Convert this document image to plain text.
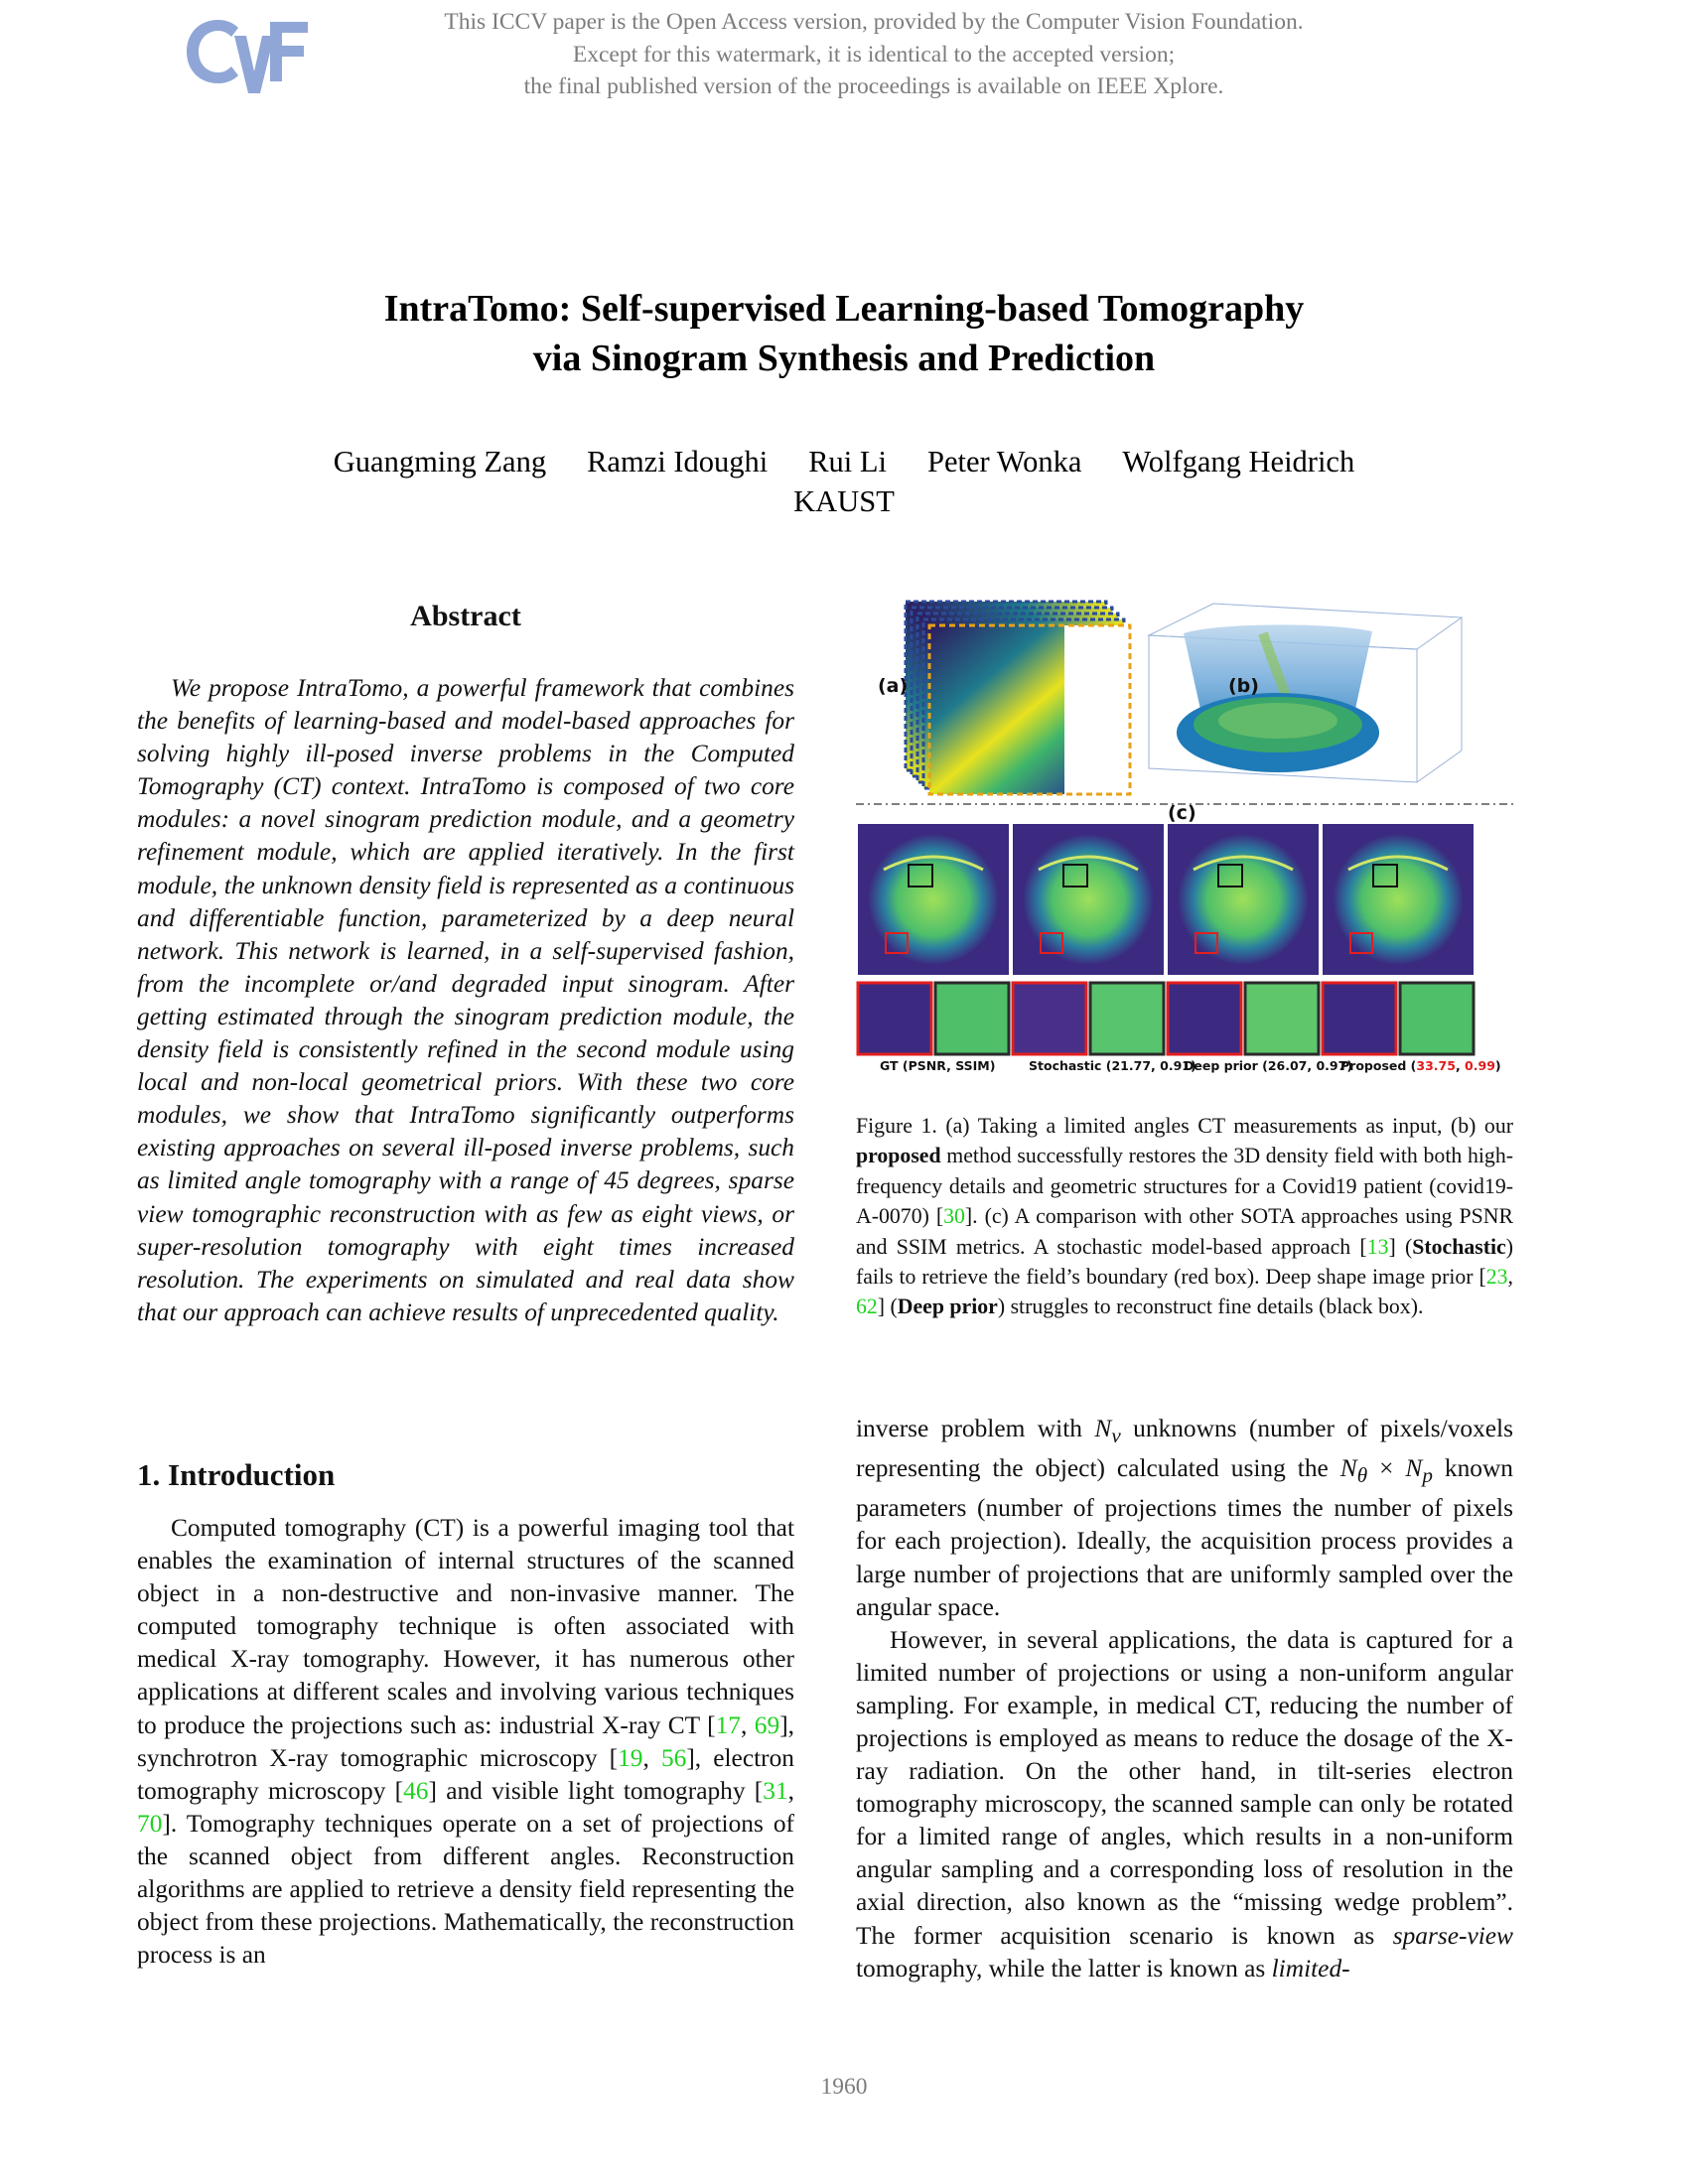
This ICCV paper is the Open Access version, provided by the Computer Vision Foundation.
Except for this watermark, it is identical to the accepted version;
the final published version of the proceedings is available on IEEE Xplore.
IntraTomo: Self-supervised Learning-based Tomography
via Sinogram Synthesis and Prediction
Guangming Zang Ramzi Idoughi Rui Li Peter Wonka Wolfgang Heidrich
KAUST
Abstract
We propose IntraTomo, a powerful framework that combines the benefits of learning-based and model-based approaches for solving highly ill-posed inverse problems in the Computed Tomography (CT) context. IntraTomo is composed of two core modules: a novel sinogram prediction module, and a geometry refinement module, which are applied iteratively. In the first module, the unknown density field is represented as a continuous and differentiable function, parameterized by a deep neural network. This network is learned, in a self-supervised fashion, from the incomplete or/and degraded input sinogram. After getting estimated through the sinogram prediction module, the density field is consistently refined in the second module using local and non-local geometrical priors. With these two core modules, we show that IntraTomo significantly outperforms existing approaches on several ill-posed inverse problems, such as limited angle tomography with a range of 45 degrees, sparse view tomographic reconstruction with as few as eight views, or super-resolution tomography with eight times increased resolution. The experiments on simulated and real data show that our approach can achieve results of unprecedented quality.
1. Introduction
Computed tomography (CT) is a powerful imaging tool that enables the examination of internal structures of the scanned object in a non-destructive and non-invasive manner. The computed tomography technique is often associated with medical X-ray tomography. However, it has numerous other applications at different scales and involving various techniques to produce the projections such as: industrial X-ray CT [17, 69], synchrotron X-ray tomographic microscopy [19, 56], electron tomography microscopy [46] and visible light tomography [31, 70]. Tomography techniques operate on a set of projections of the scanned object from different angles. Reconstruction algorithms are applied to retrieve a density field representing the object from these projections. Mathematically, the reconstruction process is an
(a)	(b)
(c)
GT (PSNR, SSIM)	Stochastic (21.77, 0.91)
Deep prior (26.07, 0.97)
Proposed (33.75, 0.99)
Figure 1. (a) Taking a limited angles CT measurements as input, (b) our proposed method successfully restores the 3D density field with both high-frequency details and geometric structures for a Covid19 patient (covid19-A-0070) [30]. (c) A comparison with other SOTA approaches using PSNR and SSIM metrics. A stochastic model-based approach [13] (Stochastic) fails to retrieve the field’s boundary (red box). Deep shape image prior [23, 62] (Deep prior) struggles to reconstruct fine details (black box).

inverse problem with $N_v$ unknowns (number of pixels/voxels representing the object) calculated using the $N_\theta \times N_p$ known parameters (number of projections times the number of pixels for each projection). Ideally, the acquisition process provides a large number of projections that are uniformly sampled over the angular space.

However, in several applications, the data is captured for a limited number of projections or using a non-uniform angular sampling. For example, in medical CT, reducing the number of projections is employed as means to reduce the dosage of the X-ray radiation. On the other hand, in tilt-series electron tomography microscopy, the scanned sample can only be rotated for a limited range of angles, which results in a non-uniform angular sampling and a corresponding loss of resolution in the axial direction, also known as the “missing wedge problem”. The former acquisition scenario is known as sparse-view tomography, while the latter is known as limited-

1960
